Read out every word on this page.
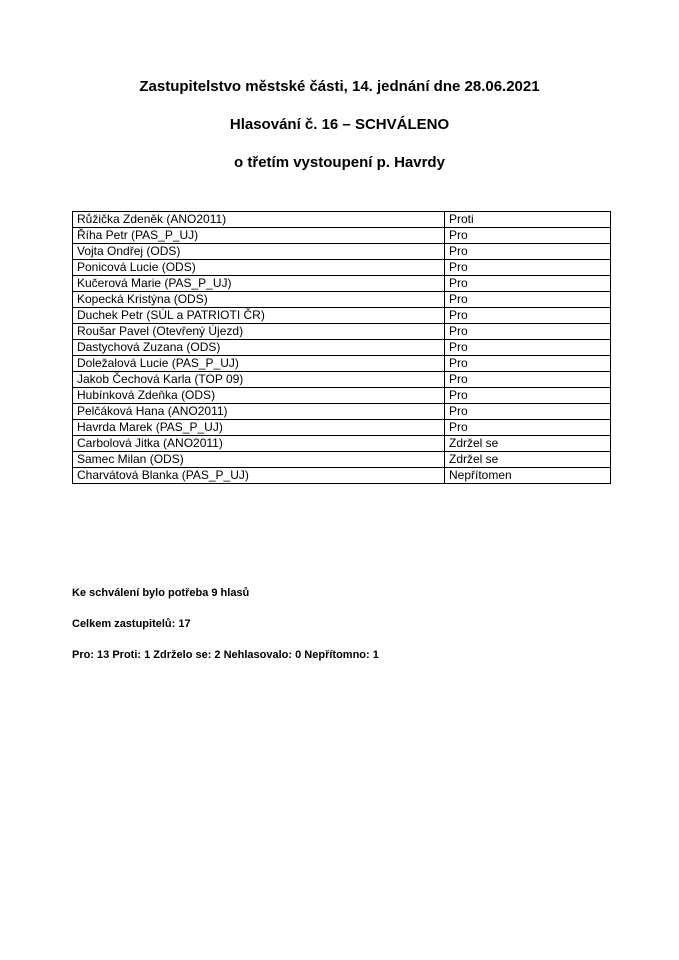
Zastupitelstvo městské části, 14. jednání dne 28.06.2021

Hlasování č. 16 – SCHVÁLENO

o třetím vystoupení p. Havrdy

Růžička Zdeněk (ANO2011)	Proti
Říha Petr (PAS_P_UJ)	Pro
Vojta Ondřej (ODS)	Pro
Ponicová Lucie (ODS)	Pro
Kučerová Marie (PAS_P_UJ)	Pro
Kopecká Kristýna (ODS)	Pro
Duchek Petr (SÚL a PATRIOTI ČR)	Pro
Roušar Pavel (Otevřený Újezd)	Pro
Dastychová Zuzana (ODS)	Pro
Doležalová Lucie (PAS_P_UJ)	Pro
Jakob Čechová Karla (TOP 09)	Pro
Hubínková Zdeňka (ODS)	Pro
Pelčáková Hana (ANO2011)	Pro
Havrda Marek (PAS_P_UJ)	Pro
Carbolová Jitka (ANO2011)	Zdržel se
Samec Milan (ODS)	Zdržel se
Charvátová Blanka (PAS_P_UJ)	Nepřítomen

Ke schválení bylo potřeba 9 hlasů

Celkem zastupitelů: 17

Pro: 13 Proti: 1 Zdrželo se: 2 Nehlasovalo: 0 Nepřítomno: 1
